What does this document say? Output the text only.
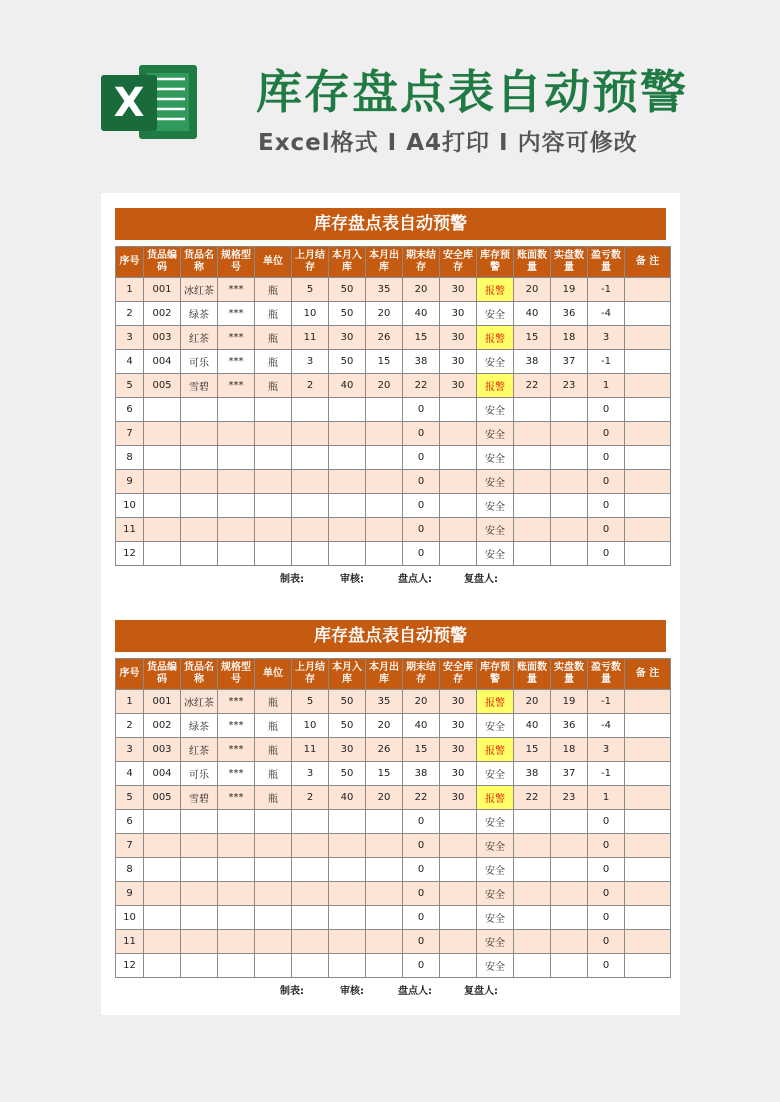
X 库存盘点表自动预警
Excel格式 I A4打印 I 内容可修改
库存盘点表自动预警
序号	货品编码	货品名称	规格型号	单位	上月结存	本月入库	本月出库	期末结存	安全库存	库存预警	账面数量	实盘数量	盈亏数量	备 注
1	001	冰红茶	***	瓶	5	50	35	20	30	报警	20	19	-1	
2	002	绿茶	***	瓶	10	50	20	40	30	安全	40	36	-4	
3	003	红茶	***	瓶	11	30	26	15	30	报警	15	18	3	
4	004	可乐	***	瓶	3	50	15	38	30	安全	38	37	-1	
5	005	雪碧	***	瓶	2	40	20	22	30	报警	22	23	1	
6								0		安全			0	
7								0		安全			0	
8								0		安全			0	
9								0		安全			0	
10								0		安全			0	
11								0		安全			0	
12								0		安全			0	
制表:	审核:	盘点人:	复盘人:
库存盘点表自动预警
序号	货品编码	货品名称	规格型号	单位	上月结存	本月入库	本月出库	期末结存	安全库存	库存预警	账面数量	实盘数量	盈亏数量	备 注
1	001	冰红茶	***	瓶	5	50	35	20	30	报警	20	19	-1	
2	002	绿茶	***	瓶	10	50	20	40	30	安全	40	36	-4	
3	003	红茶	***	瓶	11	30	26	15	30	报警	15	18	3	
4	004	可乐	***	瓶	3	50	15	38	30	安全	38	37	-1	
5	005	雪碧	***	瓶	2	40	20	22	30	报警	22	23	1	
6								0		安全			0	
7								0		安全			0	
8								0		安全			0	
9								0		安全			0	
10								0		安全			0	
11								0		安全			0	
12								0		安全			0	
制表:	审核:	盘点人:	复盘人:
